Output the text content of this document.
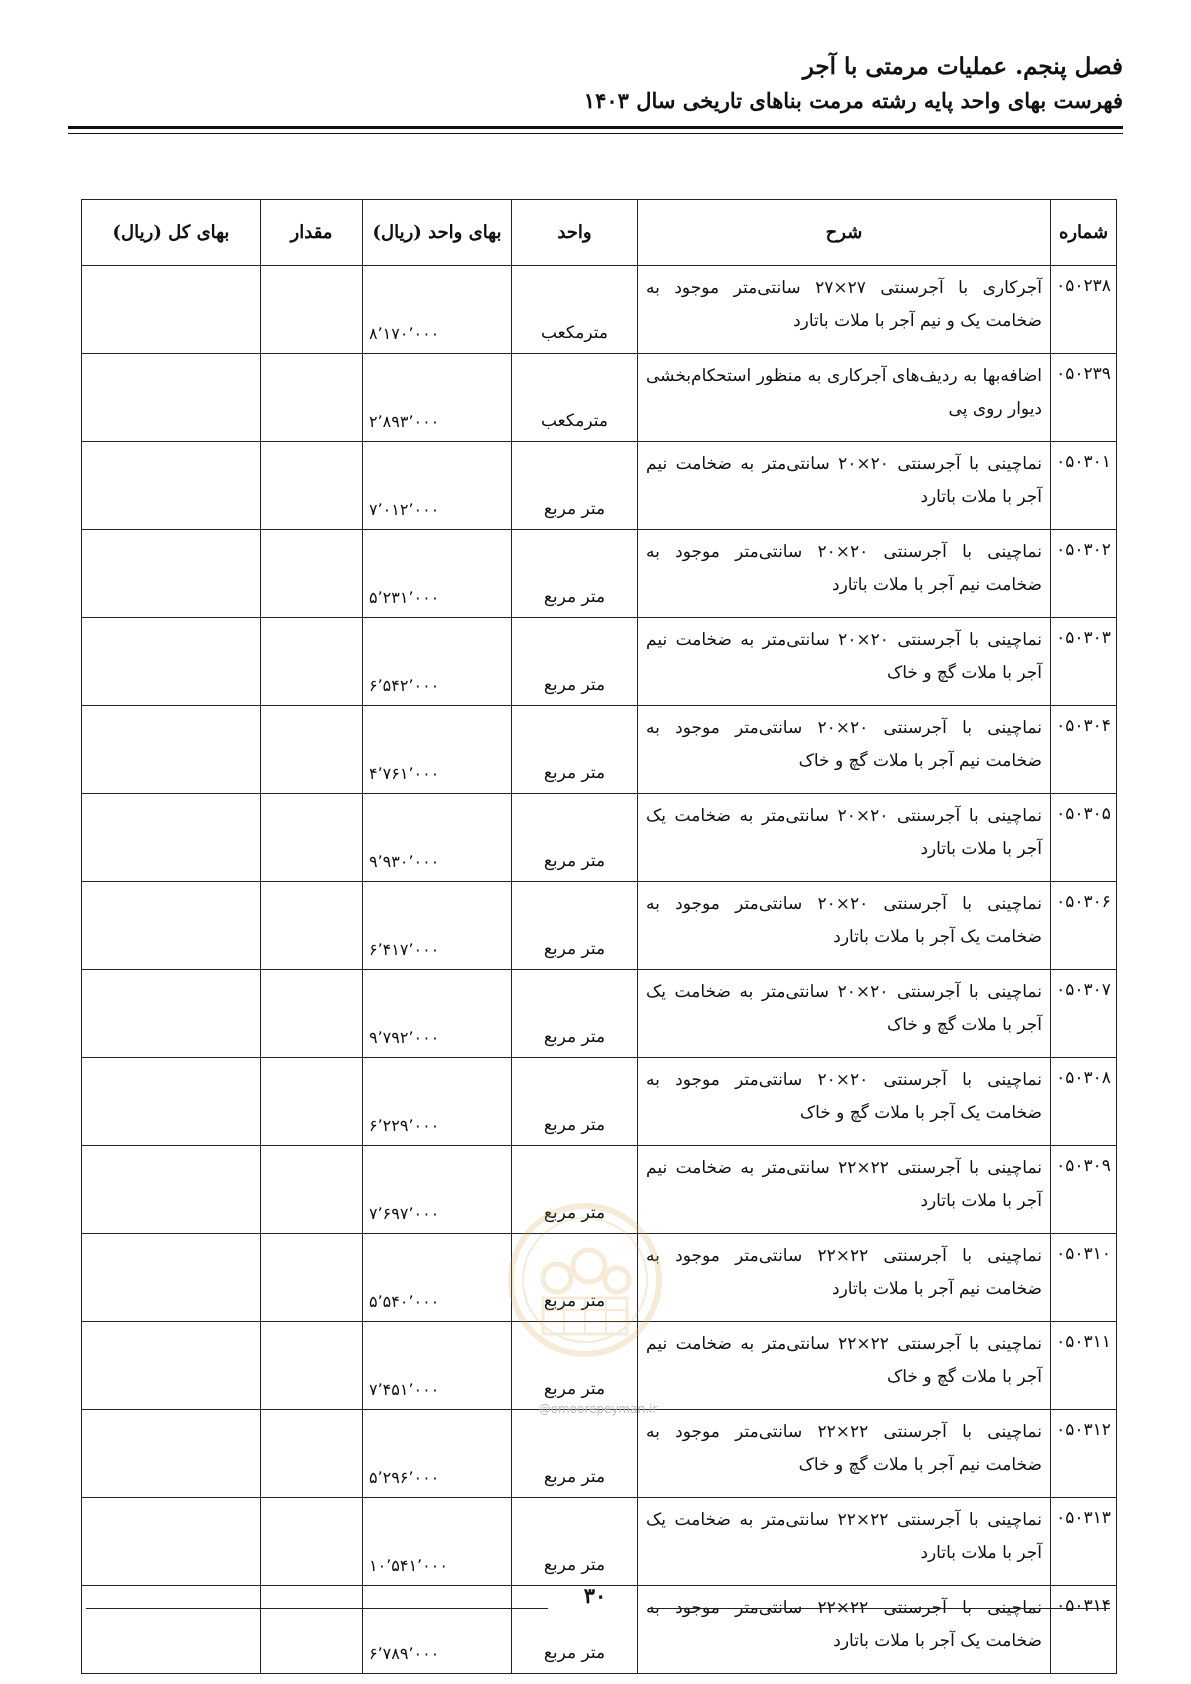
فصل پنجم. عملیات مرمتی با آجر
فهرست بهای واحد پایه رشته مرمت بناهای تاریخی سال ۱۴۰۳
شماره	شرح	واحد	بهای واحد (ریال)	مقدار	بهای کل (ریال)
۰۵۰۲۳۸	آجرکاری با آجرسنتی ۲۷×۲۷ سانتی‌متر موجود به ضخامت یک و نیم آجر با ملات باتارد	مترمکعب	۸٬۱۷۰٬۰۰۰		
۰۵۰۲۳۹	اضافه‌بها به ردیف‌های آجرکاری به منظور استحکام‌بخشی دیوار روی پی	مترمکعب	۲٬۸۹۳٬۰۰۰		
۰۵۰۳۰۱	نماچینی با آجرسنتی ۲۰×۲۰ سانتی‌متر به ضخامت نیم آجر با ملات باتارد	متر مربع	۷٬۰۱۲٬۰۰۰		
۰۵۰۳۰۲	نماچینی با آجرسنتی ۲۰×۲۰ سانتی‌متر موجود به ضخامت نیم آجر با ملات باتارد	متر مربع	۵٬۲۳۱٬۰۰۰		
۰۵۰۳۰۳	نماچینی با آجرسنتی ۲۰×۲۰ سانتی‌متر به ضخامت نیم آجر با ملات گچ و خاک	متر مربع	۶٬۵۴۲٬۰۰۰		
۰۵۰۳۰۴	نماچینی با آجرسنتی ۲۰×۲۰ سانتی‌متر موجود به ضخامت نیم آجر با ملات گچ و خاک	متر مربع	۴٬۷۶۱٬۰۰۰		
۰۵۰۳۰۵	نماچینی با آجرسنتی ۲۰×۲۰ سانتی‌متر به ضخامت یک آجر با ملات باتارد	متر مربع	۹٬۹۳۰٬۰۰۰		
۰۵۰۳۰۶	نماچینی با آجرسنتی ۲۰×۲۰ سانتی‌متر موجود به ضخامت یک آجر با ملات باتارد	متر مربع	۶٬۴۱۷٬۰۰۰		
۰۵۰۳۰۷	نماچینی با آجرسنتی ۲۰×۲۰ سانتی‌متر به ضخامت یک آجر با ملات گچ و خاک	متر مربع	۹٬۷۹۲٬۰۰۰		
۰۵۰۳۰۸	نماچینی با آجرسنتی ۲۰×۲۰ سانتی‌متر موجود به ضخامت یک آجر با ملات گچ و خاک	متر مربع	۶٬۲۲۹٬۰۰۰		
۰۵۰۳۰۹	نماچینی با آجرسنتی ۲۲×۲۲ سانتی‌متر به ضخامت نیم آجر با ملات باتارد	متر مربع	۷٬۶۹۷٬۰۰۰		
۰۵۰۳۱۰	نماچینی با آجرسنتی ۲۲×۲۲ سانتی‌متر موجود به ضخامت نیم آجر با ملات باتارد	متر مربع	۵٬۵۴۰٬۰۰۰		
۰۵۰۳۱۱	نماچینی با آجرسنتی ۲۲×۲۲ سانتی‌متر به ضخامت نیم آجر با ملات گچ و خاک	متر مربع	۷٬۴۵۱٬۰۰۰		
۰۵۰۳۱۲	نماچینی با آجرسنتی ۲۲×۲۲ سانتی‌متر موجود به ضخامت نیم آجر با ملات گچ و خاک	متر مربع	۵٬۲۹۶٬۰۰۰		
۰۵۰۳۱۳	نماچینی با آجرسنتی ۲۲×۲۲ سانتی‌متر به ضخامت یک آجر با ملات باتارد	متر مربع	۱۰٬۵۴۱٬۰۰۰		
۰۵۰۳۱۴	نماچینی با آجرسنتی ۲۲×۲۲ سانتی‌متر موجود به ضخامت یک آجر با ملات باتارد	متر مربع	۶٬۷۸۹٬۰۰۰		
@omoorepeyman.ir
۳۰
